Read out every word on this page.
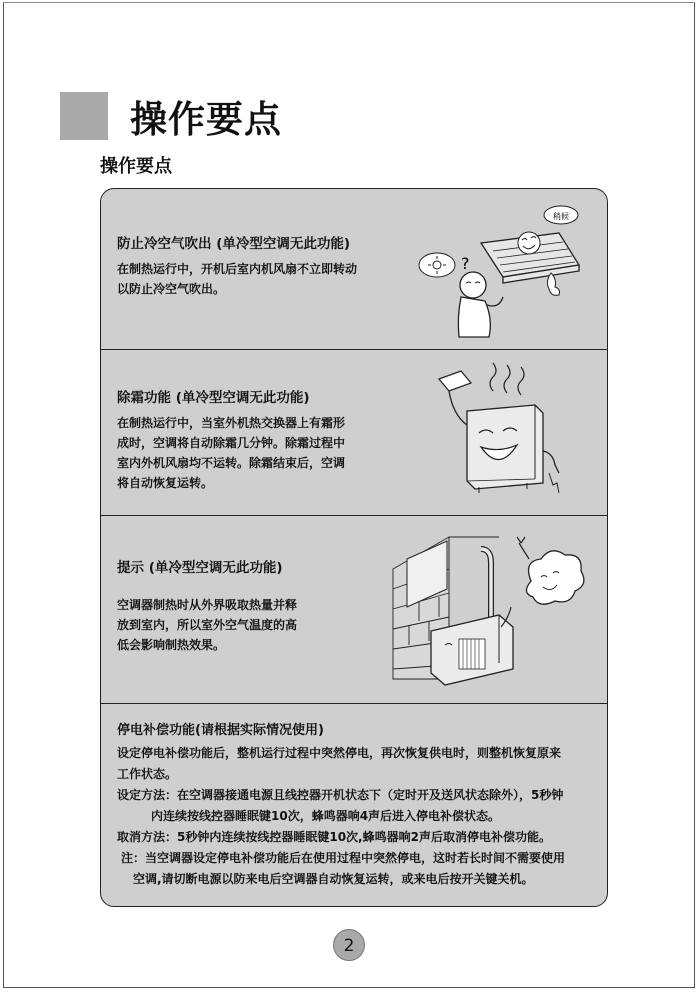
操作要点
操作要点

防止冷空气吹出 (单冷型空调无此功能)

在制热运行中，开机后室内机风扇不立即转动
以防止冷空气吹出。
稍候
?

除霜功能 (单冷型空调无此功能)

在制热运行中，当室外机热交换器上有霜形
成时，空调将自动除霜几分钟。除霜过程中
室内外机风扇均不运转。除霜结束后，空调
将自动恢复运转。

提示 (单冷型空调无此功能)

空调器制热时从外界吸取热量并释
放到室内，所以室外空气温度的高
低会影响制热效果。

停电补偿功能(请根据实际情况使用)

设定停电补偿功能后，整机运行过程中突然停电，再次恢复供电时，则整机恢复原来
工作状态。
设定方法：在空调器接通电源且线控器开机状态下（定时开及送风状态除外），5秒钟
内连续按线控器睡眠键10次，蜂鸣器响4声后进入停电补偿状态。
取消方法：5秒钟内连续按线控器睡眠键10次,蜂鸣器响2声后取消停电补偿功能。
注：当空调器设定停电补偿功能后在使用过程中突然停电，这时若长时间不需要使用
空调,请切断电源以防来电后空调器自动恢复运转，或来电后按开关键关机。
2
